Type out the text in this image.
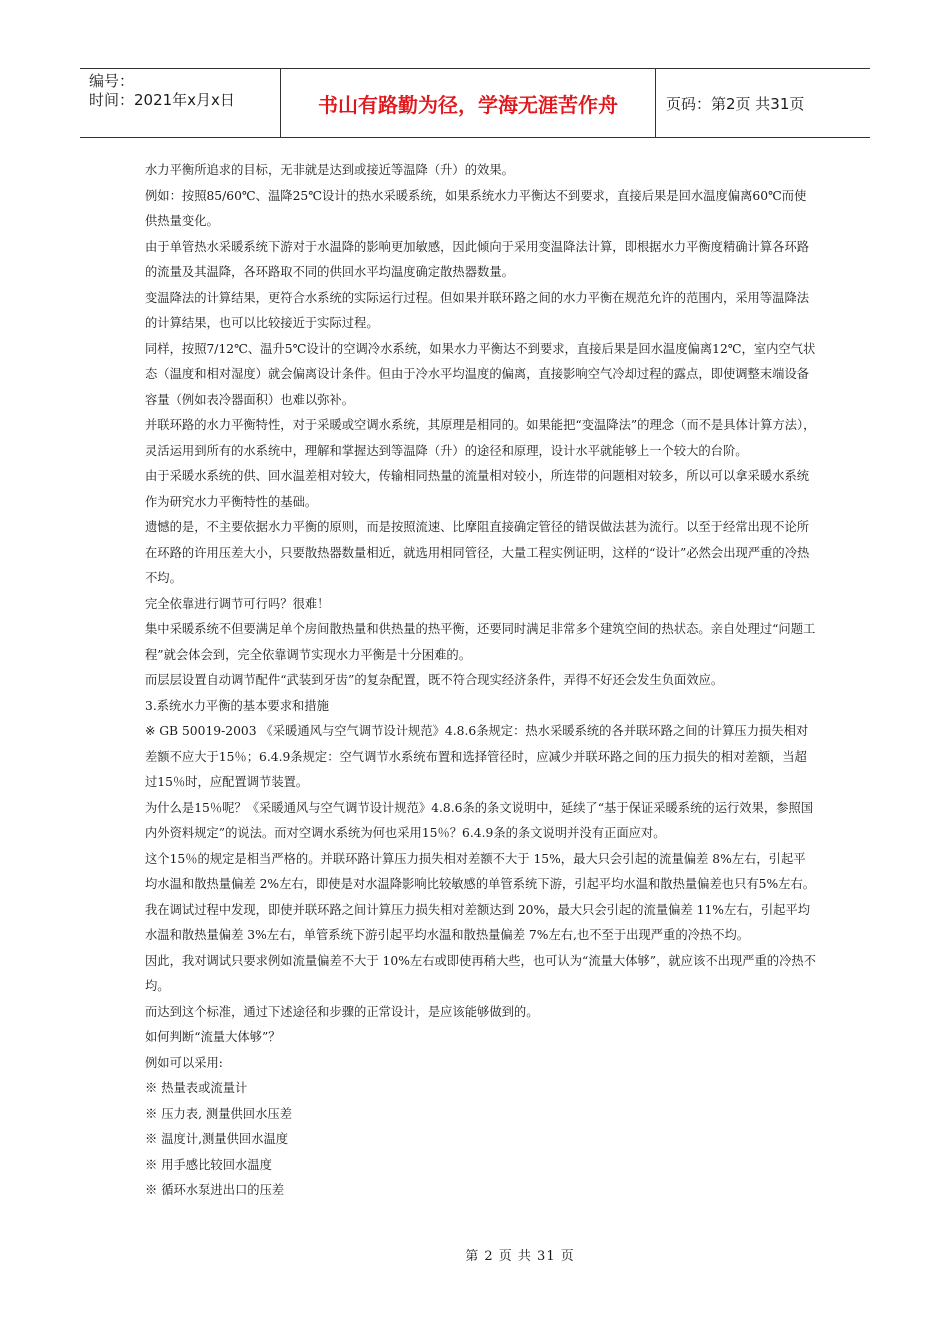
编号：
时间：2021年x月x日	书山有路勤为径，学海无涯苦作舟	页码：第2页 共31页

水力平衡所追求的目标，无非就是达到或接近等温降（升）的效果。

例如：按照85/60℃、温降25℃设计的热水采暖系统，如果系统水力平衡达不到要求，直接后果是回水温度偏离60℃而使供热量变化。

由于单管热水采暖系统下游对于水温降的影响更加敏感，因此倾向于采用变温降法计算，即根据水力平衡度精确计算各环路的流量及其温降，各环路取不同的供回水平均温度确定散热器数量。

变温降法的计算结果，更符合水系统的实际运行过程。但如果并联环路之间的水力平衡在规范允许的范围内，采用等温降法的计算结果，也可以比较接近于实际过程。

同样，按照7/12℃、温升5℃设计的空调冷水系统，如果水力平衡达不到要求，直接后果是回水温度偏离12℃，室内空气状态（温度和相对湿度）就会偏离设计条件。但由于冷水平均温度的偏离，直接影响空气冷却过程的露点，即使调整末端设备容量（例如表冷器面积）也难以弥补。

并联环路的水力平衡特性，对于采暖或空调水系统，其原理是相同的。如果能把“变温降法”的理念（而不是具体计算方法），灵活运用到所有的水系统中，理解和掌握达到等温降（升）的途径和原理，设计水平就能够上一个较大的台阶。

由于采暖水系统的供、回水温差相对较大，传输相同热量的流量相对较小，所连带的问题相对较多，所以可以拿采暖水系统作为研究水力平衡特性的基础。

遗憾的是，不主要依据水力平衡的原则，而是按照流速、比摩阻直接确定管径的错误做法甚为流行。以至于经常出现不论所在环路的许用压差大小，只要散热器数量相近，就选用相同管径，大量工程实例证明，这样的“设计”必然会出现严重的冷热不均。

完全依靠进行调节可行吗？很难！

集中采暖系统不但要满足单个房间散热量和供热量的热平衡，还要同时满足非常多个建筑空间的热状态。亲自处理过“问题工程”就会体会到，完全依靠调节实现水力平衡是十分困难的。

而层层设置自动调节配件“武装到牙齿”的复杂配置，既不符合现实经济条件，弄得不好还会发生负面效应。

3.系统水力平衡的基本要求和措施

※ GB 50019-2003 《采暖通风与空气调节设计规范》4.8.6条规定：热水采暖系统的各并联环路之间的计算压力损失相对差额不应大于15％；6.4.9条规定：空气调节水系统布置和选择管径时，应减少并联环路之间的压力损失的相对差额，当超过15％时，应配置调节装置。

为什么是15％呢？《采暖通风与空气调节设计规范》4.8.6条的条文说明中，延续了“基于保证采暖系统的运行效果，参照国内外资料规定”的说法。而对空调水系统为何也采用15％？6.4.9条的条文说明并没有正面应对。

这个15％的规定是相当严格的。并联环路计算压力损失相对差额不大于 15%，最大只会引起的流量偏差 8%左右，引起平均水温和散热量偏差 2%左右，即使是对水温降影响比较敏感的单管系统下游，引起平均水温和散热量偏差也只有5%左右。

我在调试过程中发现，即使并联环路之间计算压力损失相对差额达到 20%，最大只会引起的流量偏差 11%左右，引起平均水温和散热量偏差 3%左右，单管系统下游引起平均水温和散热量偏差 7%左右,也不至于出现严重的冷热不均。

因此，我对调试只要求例如流量偏差不大于 10%左右或即使再稍大些，也可认为“流量大体够”，就应该不出现严重的冷热不均。

而达到这个标准，通过下述途径和步骤的正常设计，是应该能够做到的。

如何判断“流量大体够”？

例如可以采用:

※ 热量表或流量计

※ 压力表, 测量供回水压差

※ 温度计,测量供回水温度

※ 用手感比较回水温度

※ 循环水泵进出口的压差

第 2 页 共 31 页
